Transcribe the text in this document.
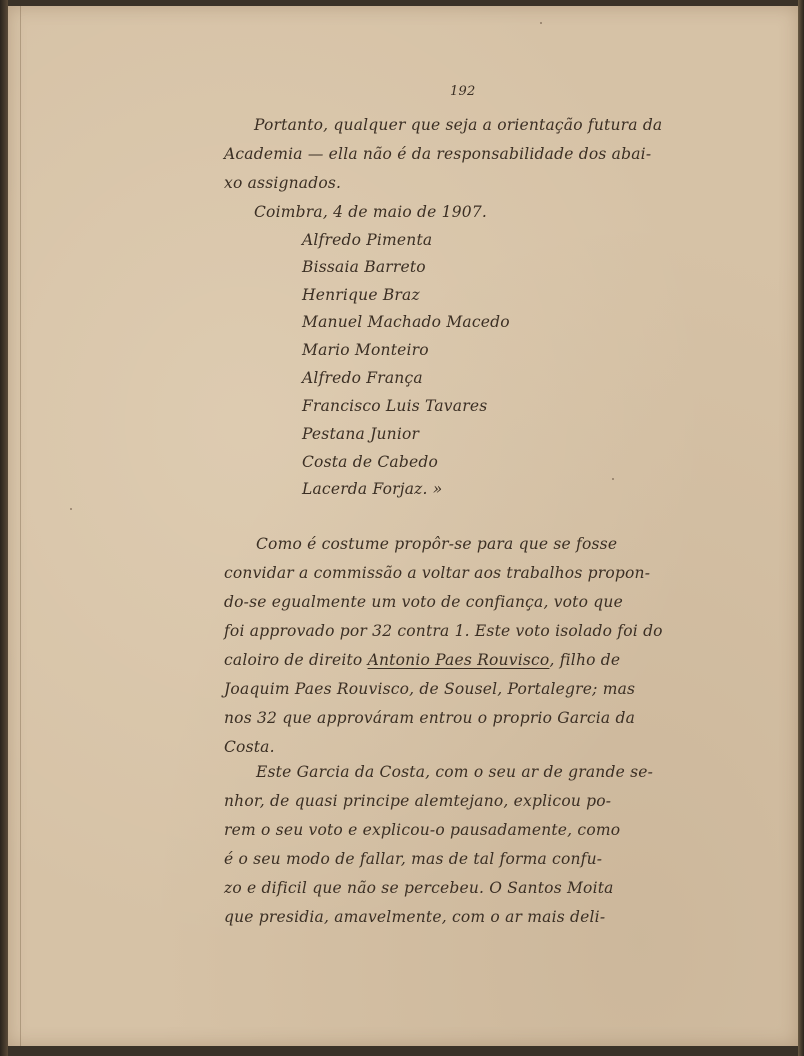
192

Portanto, qualquer que seja a orientação futura da

Academia — ella não é da responsabilidade dos abai-

xo assignados.

Coimbra, 4 de maio de 1907.

Alfredo Pimenta

Bissaia Barreto

Henrique Braz

Manuel Machado Macedo

Mario Monteiro

Alfredo França

Francisco Luis Tavares

Pestana Junior

Costa de Cabedo

Lacerda Forjaz. »

Como é costume propôr-se para que se fosse

convidar a commissão a voltar aos trabalhos propon-

do-se egualmente um voto de confiança, voto que

foi approvado por 32 contra 1. Este voto isolado foi do

caloiro de direito Antonio Paes Rouvisco, filho de

Joaquim Paes Rouvisco, de Sousel, Portalegre; mas

nos 32 que approváram entrou o proprio Garcia da

Costa.

Este Garcia da Costa, com o seu ar de grande se-

nhor, de quasi principe alemtejano, explicou po-

rem o seu voto e explicou-o pausadamente, como

é o seu modo de fallar, mas de tal forma confu-

zo e dificil que não se percebeu. O Santos Moita

que presidia, amavelmente, com o ar mais deli-
